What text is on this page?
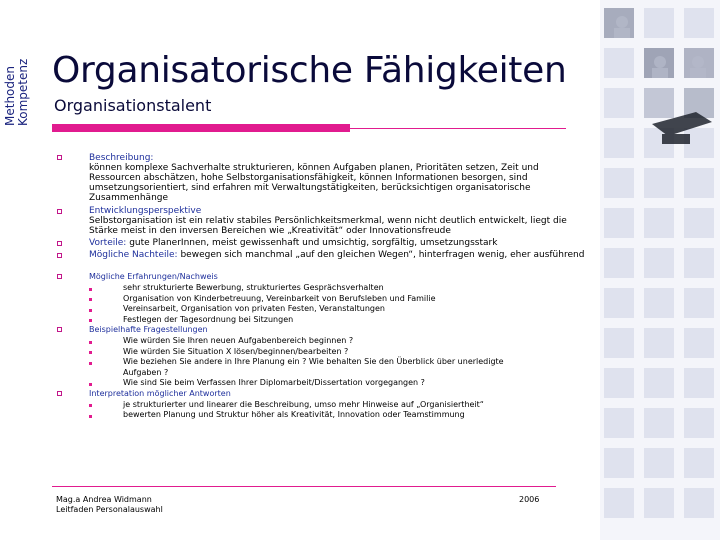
Methoden Kompetenz Organisatorische Fähigkeiten
Organisationstalent
Beschreibung:
können komplexe Sachverhalte strukturieren, können Aufgaben planen, Prioritäten setzen, Zeit und Ressourcen abschätzen, hohe Selbstorganisationsfähigkeit, können Informationen besorgen, sind umsetzungsorientiert, sind erfahren mit Verwaltungstätigkeiten, berücksichtigen organisatorische Zusammenhänge
Entwicklungsperspektive
Selbstorganisation ist ein relativ stabiles Persönlichkeitsmerkmal, wenn nicht deutlich entwickelt, liegt die Stärke meist in den inversen Bereichen wie „Kreativität“ oder Innovationsfreude
Vorteile: gute PlanerInnen, meist gewissenhaft und umsichtig, sorgfältig, umsetzungsstark
Mögliche Nachteile: bewegen sich manchmal „auf den gleichen Wegen“, hinterfragen wenig, eher ausführend
Mögliche Erfahrungen/Nachweis
sehr strukturierte Bewerbung, strukturiertes Gesprächsverhalten
Organisation von Kinderbetreuung, Vereinbarkeit von Berufsleben und Familie
Vereinsarbeit, Organisation von privaten Festen, Veranstaltungen
Festlegen der Tagesordnung bei Sitzungen
Beispielhafte Fragestellungen
Wie würden Sie Ihren neuen Aufgabenbereich beginnen ?
Wie würden Sie Situation X lösen/beginnen/bearbeiten ?
Wie beziehen Sie andere in Ihre Planung ein ? Wie behalten Sie den Überblick über unerledigte
Aufgaben ?
Wie sind Sie beim Verfassen Ihrer Diplomarbeit/Dissertation vorgegangen ?
Interpretation möglicher Antworten
je strukturierter und linearer die Beschreibung, umso mehr Hinweise auf „Organisiertheit“
bewerten Planung und Struktur höher als Kreativität, Innovation oder Teamstimmung
Mag.a Andrea Widmann
Leitfaden Personalauswahl
2006
